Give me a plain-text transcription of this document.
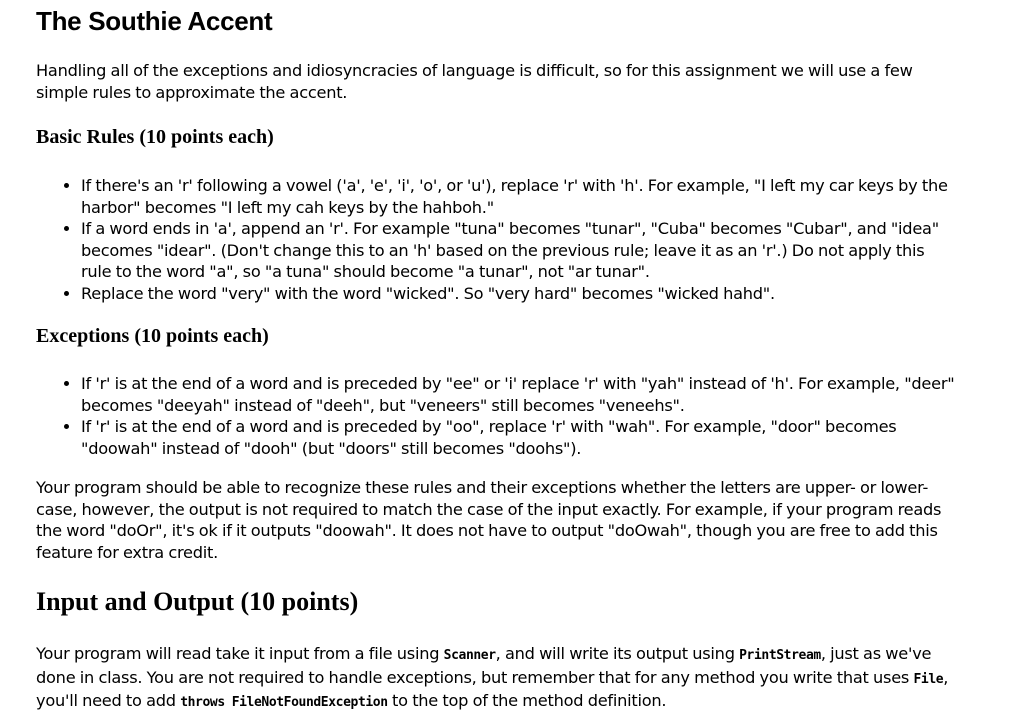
The Southie Accent

Handling all of the exceptions and idiosyncracies of language is difficult, so for this assignment we will use a few simple rules to approximate the accent.

Basic Rules (10 points each)
• If there's an 'r' following a vowel ('a', 'e', 'i', 'o', or 'u'), replace 'r' with 'h'. For example, "I left my car keys by the harbor" becomes "I left my cah keys by the hahboh."
• If a word ends in 'a', append an 'r'. For example "tuna" becomes "tunar", "Cuba" becomes "Cubar", and "idea" becomes "idear". (Don't change this to an 'h' based on the previous rule; leave it as an 'r'.) Do not apply this rule to the word "a", so "a tuna" should become "a tunar", not "ar tunar".
• Replace the word "very" with the word "wicked". So "very hard" becomes "wicked hahd".
Exceptions (10 points each)
• If 'r' is at the end of a word and is preceded by "ee" or 'i' replace 'r' with "yah" instead of 'h'. For example, "deer" becomes "deeyah" instead of "deeh", but "veneers" still becomes "veneehs".
• If 'r' is at the end of a word and is preceded by "oo", replace 'r' with "wah". For example, "door" becomes "doowah" instead of "dooh" (but "doors" still becomes "doohs").

Your program should be able to recognize these rules and their exceptions whether the letters are upper- or lower-case, however, the output is not required to match the case of the input exactly. For example, if your program reads the word "doOr", it's ok if it outputs "doowah". It does not have to output "doOwah", though you are free to add this feature for extra credit.

Input and Output (10 points)

Your program will read take it input from a file using Scanner, and will write its output using PrintStream, just as we've done in class. You are not required to handle exceptions, but remember that for any method you write that uses File, you'll need to add throws FileNotFoundException to the top of the method definition.
